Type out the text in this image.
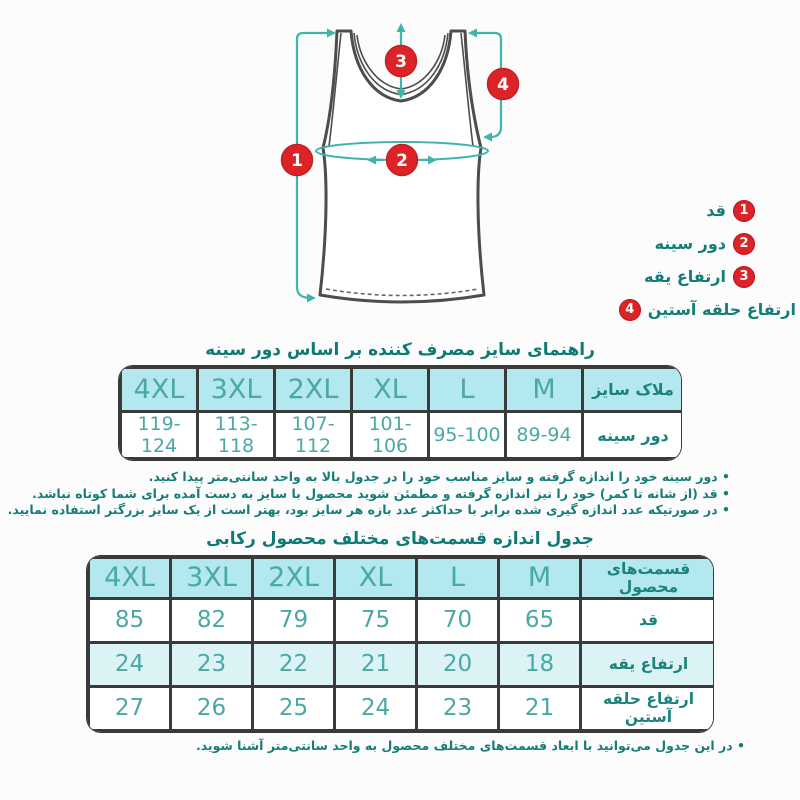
1	2
3
4
قد	1
دور سینه	2
ارتفاع یقه	3
4 ارتفاع حلقه آستین
راهنمای سایز مصرف کننده بر اساس دور سینه
ملاک سایز	M	L	XL	2XL	3XL	4XL
دور سینه	89-94	95-100	101-106	107-112	113-118	119-124
• دور سینه خود را اندازه گرفته و سایز مناسب خود را در جدول بالا به واحد سانتی‌متر پیدا کنید.
• قد (از شانه تا کمر) خود را نیز اندازه گرفته و مطمئن شوید محصول با سایز به دست آمده برای شما کوتاه نباشد.
• در صورتیکه عدد اندازه گیری شده برابر با حداکثر عدد بازه هر سایز بود، بهتر است از یک سایز بزرگتر استفاده نمایید.
جدول اندازه قسمت‌های مختلف محصول رکابی
قسمت‌های محصول	M	L	XL	2XL	3XL	4XL
قد	65	70	75	79	82	85
ارتفاع یقه	18	20	21	22	23	24
ارتفاع حلقه آستین	21	23	24	25	26	27
• در این جدول می‌توانید با ابعاد قسمت‌های مختلف محصول به واحد سانتی‌متر آشنا شوید.
